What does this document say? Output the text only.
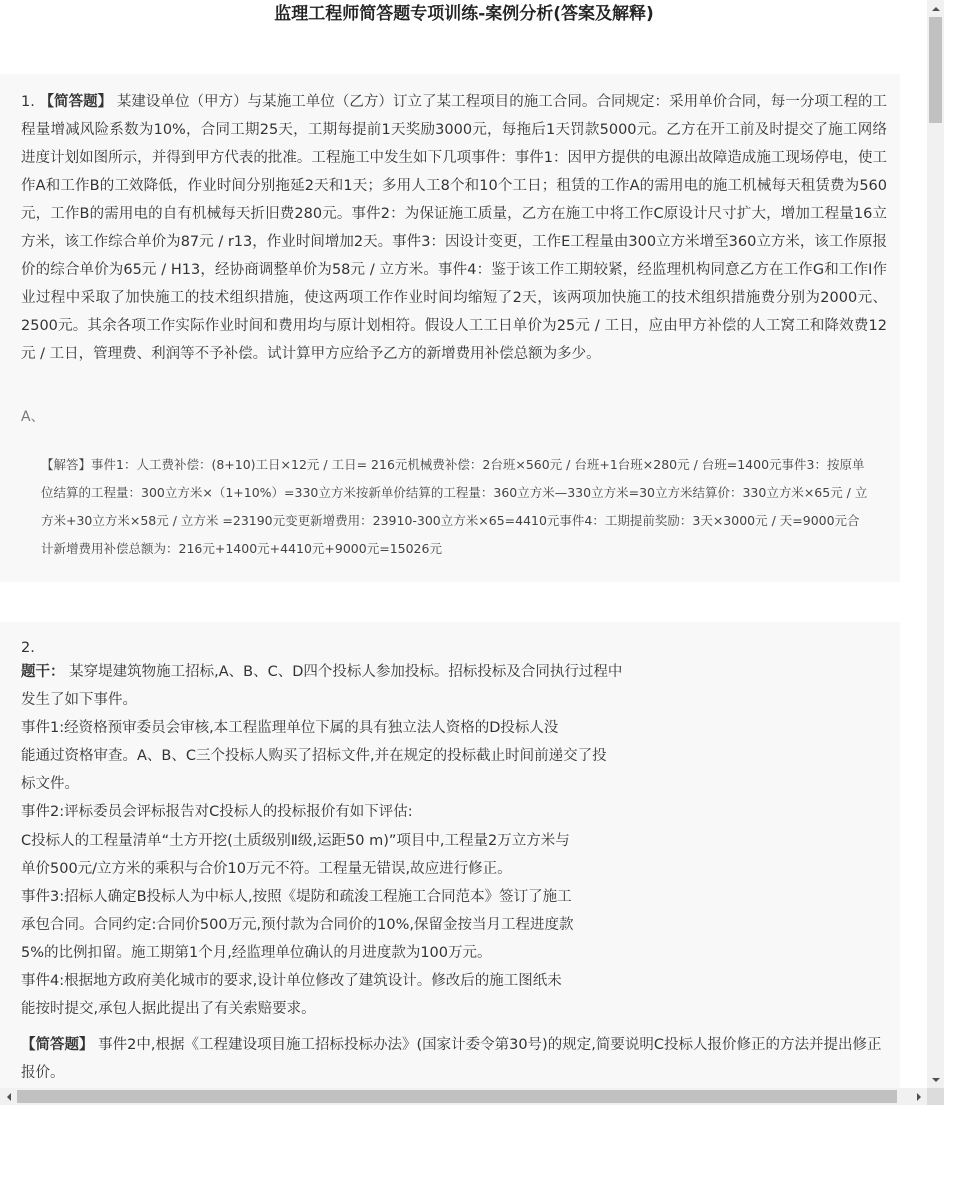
监理工程师简答题专项训练-案例分析(答案及解释)

1. 【简答题】 某建设单位（甲方）与某施工单位（乙方）订立了某工程项目的施工合同。合同规定：采用单价合同，每一分项工程的工程量增减风险系数为10%，合同工期25天，工期每提前1天奖励3000元，每拖后1天罚款5000元。乙方在开工前及时提交了施工网络进度计划如图所示，并得到甲方代表的批准。工程施工中发生如下几项事件：事件1：因甲方提供的电源出故障造成施工现场停电，使工作A和工作B的工效降低，作业时间分别拖延2天和1天；多用人工8个和10个工日；租赁的工作A的需用电的施工机械每天租赁费为560元，工作B的需用电的自有机械每天折旧费280元。事件2：为保证施工质量，乙方在施工中将工作C原设计尺寸扩大，增加工程量16立方米，该工作综合单价为87元 / r13，作业时间增加2天。事件3：因设计变更，工作E工程量由300立方米增至360立方米，该工作原报价的综合单价为65元 / H13，经协商调整单价为58元 / 立方米。事件4：鉴于该工作工期较紧，经监理机构同意乙方在工作G和工作I作业过程中采取了加快施工的技术组织措施，使这两项工作作业时间均缩短了2天，该两项加快施工的技术组织措施费分别为2000元、2500元。其余各项工作实际作业时间和费用均与原计划相符。假设人工工日单价为25元 / 工日，应由甲方补偿的人工窝工和降效费12元 / 工日，管理费、利润等不予补偿。试计算甲方应给予乙方的新增费用补偿总额为多少。
A、
【解答】事件1：人工费补偿：(8+10)工日×12元 / 工日= 216元机械费补偿：2台班×560元 / 台班+1台班×280元 / 台班=1400元事件3：按原单位结算的工程量：300立方米×（1+10%）=330立方米按新单价结算的工程量：360立方米—330立方米=30立方米结算价：330立方米×65元 / 立方米+30立方米×58元 / 立方米 =23190元变更新增费用：23910-300立方米×65=4410元事件4：工期提前奖励：3天×3000元 / 天=9000元合计新增费用补偿总额为：216元+1400元+4410元+9000元=15026元
2.
题干： 某穿堤建筑物施工招标,A、B、C、D四个投标人参加投标。招标投标及合同执行过程中
发生了如下事件。
事件1:经资格预审委员会审核,本工程监理单位下属的具有独立法人资格的D投标人没
能通过资格审查。A、B、C三个投标人购买了招标文件,并在规定的投标截止时间前递交了投
标文件。
事件2:评标委员会评标报告对C投标人的投标报价有如下评估:
C投标人的工程量清单“土方开挖(土质级别Ⅱ级,运距50 m)”项目中,工程量2万立方米与
单价500元/立方米的乘积与合价10万元不符。工程量无错误,故应进行修正。
事件3:招标人确定B投标人为中标人,按照《堤防和疏浚工程施工合同范本》签订了施工
承包合同。合同约定:合同价500万元,预付款为合同价的10%,保留金按当月工程进度款
5%的比例扣留。施工期第1个月,经监理单位确认的月进度款为100万元。
事件4:根据地方政府美化城市的要求,设计单位修改了建筑设计。修改后的施工图纸未
能按时提交,承包人据此提出了有关索赔要求。
【简答题】 事件2中,根据《工程建设项目施工招标投标办法》(国家计委令第30号)的规定,简要说明C投标人报价修正的方法并提出修正报价。
